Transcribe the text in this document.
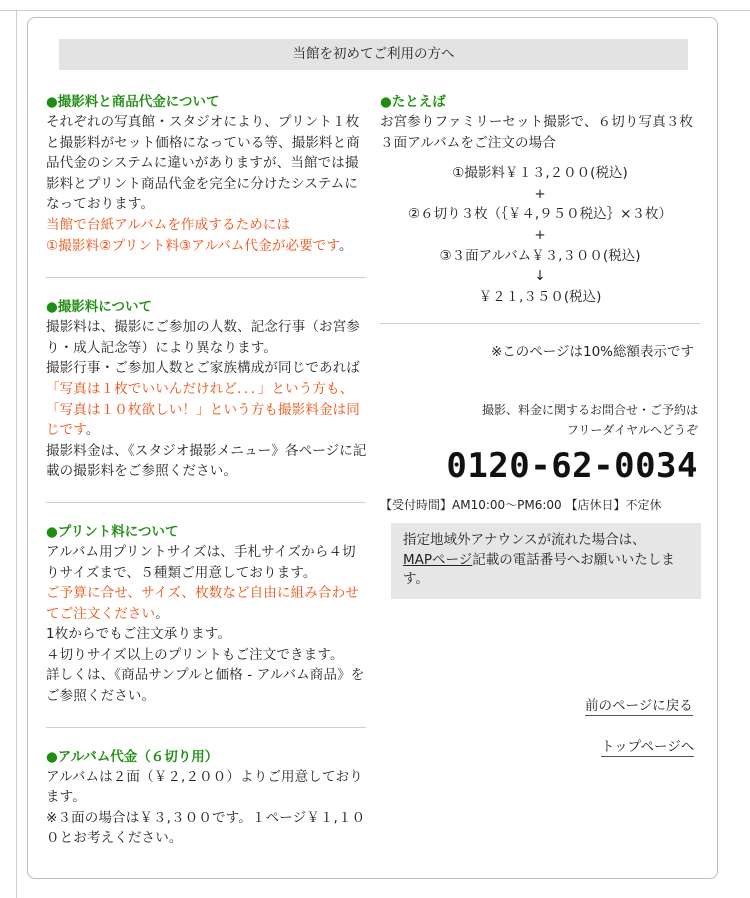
当館を初めてご利用の方へ
●撮影料と商品代金について
それぞれの写真館・スタジオにより、プリント１枚と撮影料がセット価格になっている等、撮影料と商品代金のシステムに違いがありますが、当館では撮影料とプリント商品代金を完全に分けたシステムになっております。
当館で台紙アルバムを作成するためには
①撮影料②プリント料③アルバム代金が必要です。
●撮影料について
撮影料は、撮影にご参加の人数、記念行事（お宮参り・成人記念等）により異なります。
撮影行事・ご参加人数とご家族構成が同じであれば「写真は１枚でいいんだけれど．．．」という方も、「写真は１０枚欲しい！」という方も撮影料金は同じです。
撮影料金は、《スタジオ撮影メニュー》各ページに記載の撮影料をご参照ください。
●プリント料について
アルバム用プリントサイズは、手札サイズから４切りサイズまで、５種類ご用意しております。
ご予算に合せ、サイズ、枚数など自由に組み合わせてご注文ください。
1枚からでもご注文承ります。
４切りサイズ以上のプリントもご注文できます。
詳しくは、《商品サンプルと価格 - アルバム商品》をご参照ください。
●アルバム代金（６切り用）
アルバムは２面（￥２,２００）よりご用意しております。
※３面の場合は￥３,３００です。１ページ￥１,１００とお考えください。
●たとえば
お宮参りファミリーセット撮影で、６切り写真３枚
３面アルバムをご注文の場合
①撮影料￥１３,２００(税込)
+
②６切り３枚（｛￥４,９５０税込｝×３枚）
+
③３面アルバム￥３,３００(税込)
↓
￥２１,３５０(税込)
※このページは10%総額表示です
撮影、料金に関するお問合せ・ご予約は
フリーダイヤルへどうぞ
0120-62-0034
【受付時間】AM10:00〜PM6:00 【店休日】不定休
指定地域外アナウンスが流れた場合は、
MAPページ記載の電話番号へお願いいたします。
前のページに戻る
トップページへ
